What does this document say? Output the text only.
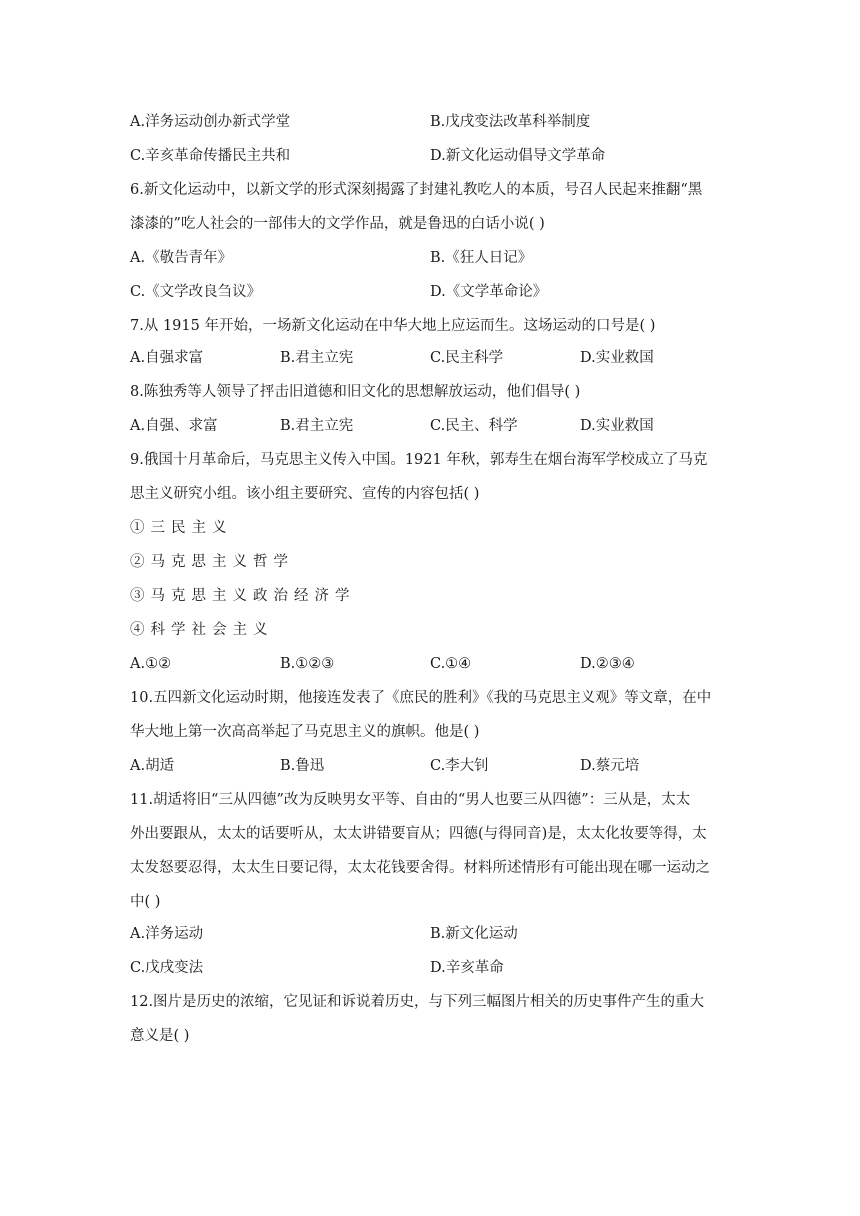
A.洋务运动创办新式学堂	B.戊戌变法改革科举制度
C.辛亥革命传播民主共和	D.新文化运动倡导文学革命
6.新文化运动中，以新文学的形式深刻揭露了封建礼教吃人的本质，号召人民起来推翻“黑
漆漆的”吃人社会的一部伟大的文学作品，就是鲁迅的白话小说( )
A.《敬告青年》	B.《狂人日记》
C.《文学改良刍议》	D.《文学革命论》
7.从 1915 年开始，一场新文化运动在中华大地上应运而生。这场运动的口号是( )
A.自强求富	B.君主立宪	C.民主科学	D.实业救国
8.陈独秀等人领导了抨击旧道德和旧文化的思想解放运动，他们倡导( )
A.自强、求富	B.君主立宪	C.民主、科学	D.实业救国
9.俄国十月革命后，马克思主义传入中国。1921 年秋，郭寿生在烟台海军学校成立了马克
思主义研究小组。该小组主要研究、宣传的内容包括( )
①三民主义
②马克思主义哲学
③马克思主义政治经济学
④科学社会主义
A.①②	B.①②③	C.①④	D.②③④
10.五四新文化运动时期，他接连发表了《庶民的胜利》《我的马克思主义观》等文章，在中
华大地上第一次高高举起了马克思主义的旗帜。他是( )
A.胡适	B.鲁迅	C.李大钊	D.蔡元培
11.胡适将旧“三从四德”改为反映男女平等、自由的“男人也要三从四德”：三从是，太太
外出要跟从，太太的话要听从，太太讲错要盲从；四德(与得同音)是，太太化妆要等得，太
太发怒要忍得，太太生日要记得，太太花钱要舍得。材料所述情形有可能出现在哪一运动之
中( )
A.洋务运动	B.新文化运动
C.戊戌变法	D.辛亥革命
12.图片是历史的浓缩，它见证和诉说着历史，与下列三幅图片相关的历史事件产生的重大
意义是( )
